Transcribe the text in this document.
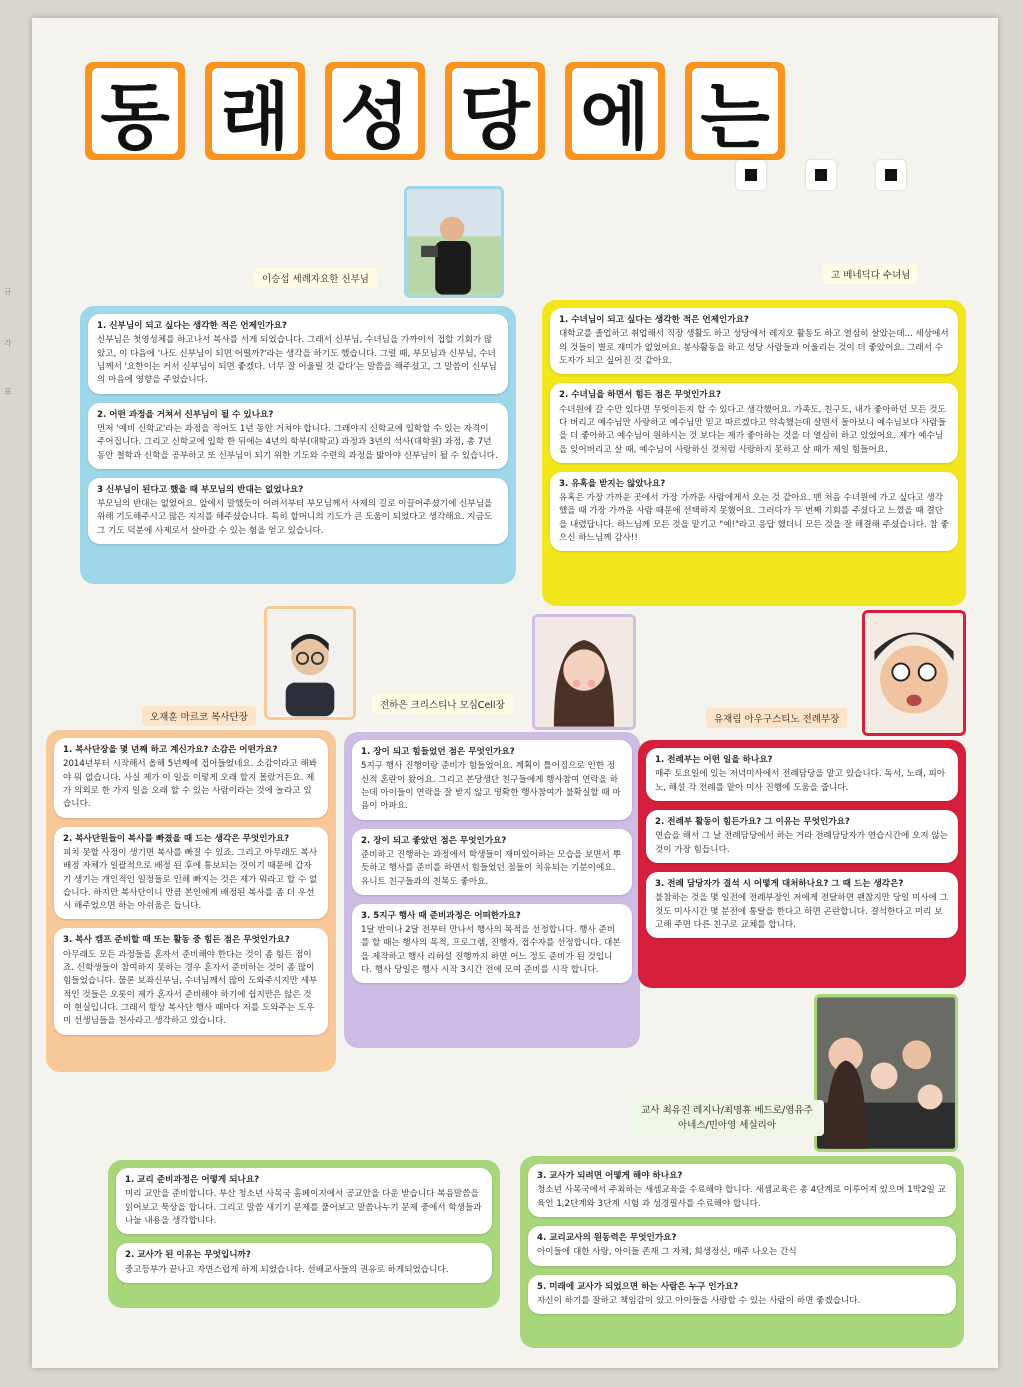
규
각
표
동 래 성 당 에 는
이승섭 세례자요한 신부님	고 베네딕다 수녀님
1. 신부님이 되고 싶다는 생각한 적은 언제인가요?
신부님은 첫영성체를 하고나서 복사를 서게 되었습니다. 그래서 신부님, 수녀님을 가까이서 접할 기회가 많았고, 이 다음에 '나도 신부님이 되면 어떨까?'라는 생각을 하기도 했습니다. 그럴 때, 부모님과 신부님, 수녀님께서 '요한이는 커서 신부님이 되면 좋겠다. 너무 잘 어울릴 것 같다'는 말씀을 해주셨고, 그 말씀이 신부님의 마음에 영향을 주었습니다.
2. 어떤 과정을 거쳐서 신부님이 될 수 있나요?
먼저 '예비 신학교'라는 과정을 적어도 1년 동안 거쳐야 합니다. 그래야지 신학교에 입학할 수 있는 자격이 주어집니다. 그리고 신학교에 입학 한 뒤에는 4년의 학부(대학교) 과정과 3년의 석사(대학원) 과정, 총 7년 동안 철학과 신학을 공부하고 또 신부님이 되기 위한 기도와 수련의 과정을 밟아야 신부님이 될 수 있습니다.
3 신부님이 된다고 했을 때 부모님의 반대는 없었나요?
부모님의 반대는 없었어요. 앞에서 말했듯이 어려서부터 부모님께서 사제의 길로 이끌어주셨기에 신부님을 위해 기도해주시고 많은 지지를 해주셨습니다. 특히 할머니의 기도가 큰 도움이 되었다고 생각해요. 지금도 그 기도 덕분에 사제로서 살아갈 수 있는 힘을 얻고 있습니다.
1. 수녀님이 되고 싶다는 생각한 적은 언제인가요?
대학교를 졸업하고 취업해서 직장 생활도 하고 성당에서 레지오 활동도 하고 열심히 살았는데... 세상에서의 것들이 별로 재미가 없었어요. 봉사활동을 하고 성당 사람들과 어울리는 것이 더 좋았어요. 그래서 수도자가 되고 싶어진 것 같아요.
2. 수녀님을 하면서 힘든 점은 무엇인가요?
수녀원에 갈 수만 있다면 무엇이든지 할 수 있다고 생각했어요. 가족도, 친구도, 내가 좋아하던 모든 것도 다 버리고 예수님만 사랑하고 예수님만 믿고 따르겠다고 약속했는데 살면서 돌아보니 예수님보다 사람들을 더 좋아하고 예수님이 원하시는 것 보다는 제가 좋아하는 것을 더 열심히 하고 있었어요. 제가 예수님을 잊어버리고 살 때, 예수님이 사랑하신 것처럼 사랑하지 못하고 살 때가 제일 힘들어요.
3. 유혹을 받지는 않았나요?
유혹은 가장 가까운 곳에서 가장 가까운 사람에게서 오는 것 같아요. 맨 처음 수녀원에 가고 싶다고 생각했을 때 가장 가까운 사람 때문에 선택하지 못했어요. 그러다가 두 번째 기회를 주셨다고 느꼈을 때 결단을 내렸답니다. 하느님께 모든 것을 맡기고 "예!"라고 응답 했더니 모든 것을 잘 해결해 주셨습니다. 참 좋으신 하느님께 감사!!
오재훈 마르코 복사단장
전하은 크리스티나 모심Cell장
유재림 아우구스티노 전례부장
1. 복사단장을 몇 년째 하고 계신가요? 소감은 어떤가요?
2014년부터 시작해서 올해 5년째에 접어들었네요. 소감이라고 해봐야 뭐 없습니다. 사실 제가 이 일을 이렇게 오래 할지 몰랐거든요. 제가 의외로 한 가지 일을 오래 할 수 있는 사람이라는 것에 놀라고 있습니다.
2. 복사단원들이 복사를 빠졌을 때 드는 생각은 무엇인가요?
피치 못할 사정이 생기면 복사를 빠질 수 있죠. 그리고 아무래도 복사 배정 자체가 일괄적으로 배정 된 후에 통보되는 것이기 때문에 갑자기 생기는 개인적인 일정들로 인해 빠지는 것은 제가 뭐라고 할 수 없습니다. 하지만 복사단이니 만큼 본인에게 배정된 복사를 좀 더 우선시 해주었으면 하는 아쉬움은 듭니다.
3. 복사 캠프 준비할 때 또는 활동 중 힘든 점은 무엇인가요?
아무래도 모든 과정들을 혼자서 준비해야 한다는 것이 좀 힘든 점이죠. 신학생들이 참여하지 못하는 경우 혼자서 준비하는 것이 좀 많이 힘들었습니다. 물론 보좌신부님, 수녀님께서 많이 도와주시지만 세부적인 것들은 오롯이 제가 혼자서 준비해야 하기에 쉽지만은 않은 것이 현실입니다. 그래서 항상 복사단 행사 때마다 저를 도와주는 도우미 선생님들을 천사라고 생각하고 있습니다.
1. 장이 되고 힘들었던 점은 무엇인가요?
5지구 행사 진행이랑 준비가 힘들었어요. 계획이 틀어짐으로 인한 정신적 혼란이 왔어요. 그리고 본당생단 친구들에게 행사참여 연락을 하는데 아이들이 연락을 잘 받지 않고 명확한 행사참여가 불확실할 때 마음이 아파요.
2. 장이 되고 좋았던 점은 무엇인가요?
준비하고 진행하는 과정에서 학생들이 재미있어하는 모습을 보면서 뿌듯하고 행사를 준비를 하면서 힘들었던 점들이 치유되는 기분이에요. 유니트 친구들과의 친목도 좋아요.
3. 5지구 행사 때 준비과정은 어떠한가요?
1달 반이나 2달 전부터 만나서 행사의 목적을 선정합니다. 행사 준비를 할 때는 행사의 목적, 프로그램, 진행자, 접수자를 선정합니다. 대본을 제작하고 행사 리허설 진행까지 하면 어느 정도 준비가 된 것입니다. 행사 당일은 행사 시작 3시간 전에 모여 준비를 시작 합니다.
1. 전례부는 어떤 일을 하나요?
매주 토요일에 있는 저녁미사에서 전례담당을 맡고 있습니다. 독서, 노래, 피아노, 해설 각 전례를 맡아 미사 진행에 도움을 줍니다.
2. 전례부 활동이 힘든가요? 그 이유는 무엇인가요?
연습을 해서 그 날 전례담당에서 하는 거라 전례담당자가 연습시간에 오지 않는 것이 가장 힘듭니다.
3. 전례 담당자가 결석 시 어떻게 대처하나요? 그 때 드는 생각은?
불참하는 것을 몇 일전에 전례부장인 저에게 전달하면 괜찮지만 당일 미사에 그것도 미사시간 몇 분전에 통탈을 한다고 하면 곤란합니다. 결석한다고 미리 보고해 주면 다른 친구로 교체를 합니다.
교사 최유진 레지나/최명휴 베드로/염유주 아네스/민아영 세실리아
1. 교리 준비과정은 어떻게 되나요?
미리 교안을 준비합니다. 부산 청소년 사목국 홈페이지에서 공교안을 다운 받습니다 복음말씀을 읽어보고 묵상을 합니다. 그리고 말씀 새기기 문제를 풀어보고 말씀나누기 문제 중에서 학생들과 나눌 내용을 생각합니다.
2. 교사가 된 이유는 무엇입니까?
중고등부가 끝나고 자연스럽게 하게 되었습니다. 선배교사들의 권유로 하게되었습니다.
3. 교사가 되려면 어떻게 해야 하나요?
청소년 사목국에서 주최하는 새셈교육을 수료해야 합니다. 새셈교육은 총 4단계로 이루어져 있으며 1박2일 교육인 1,2단계와 3단계 시험 과 성경필사를 수료해야 합니다.
4. 교리교사의 원동력은 무엇인가요?
아이들에 대한 사랑, 아이들 존재 그 자체, 희생정신, 매주 나오는 간식
5. 미래에 교사가 되었으면 하는 사람은 누구 인가요?
자신이 하기를 잘하고 책임감이 있고 아이들을 사랑할 수 있는 사람이 하면 좋겠습니다.
